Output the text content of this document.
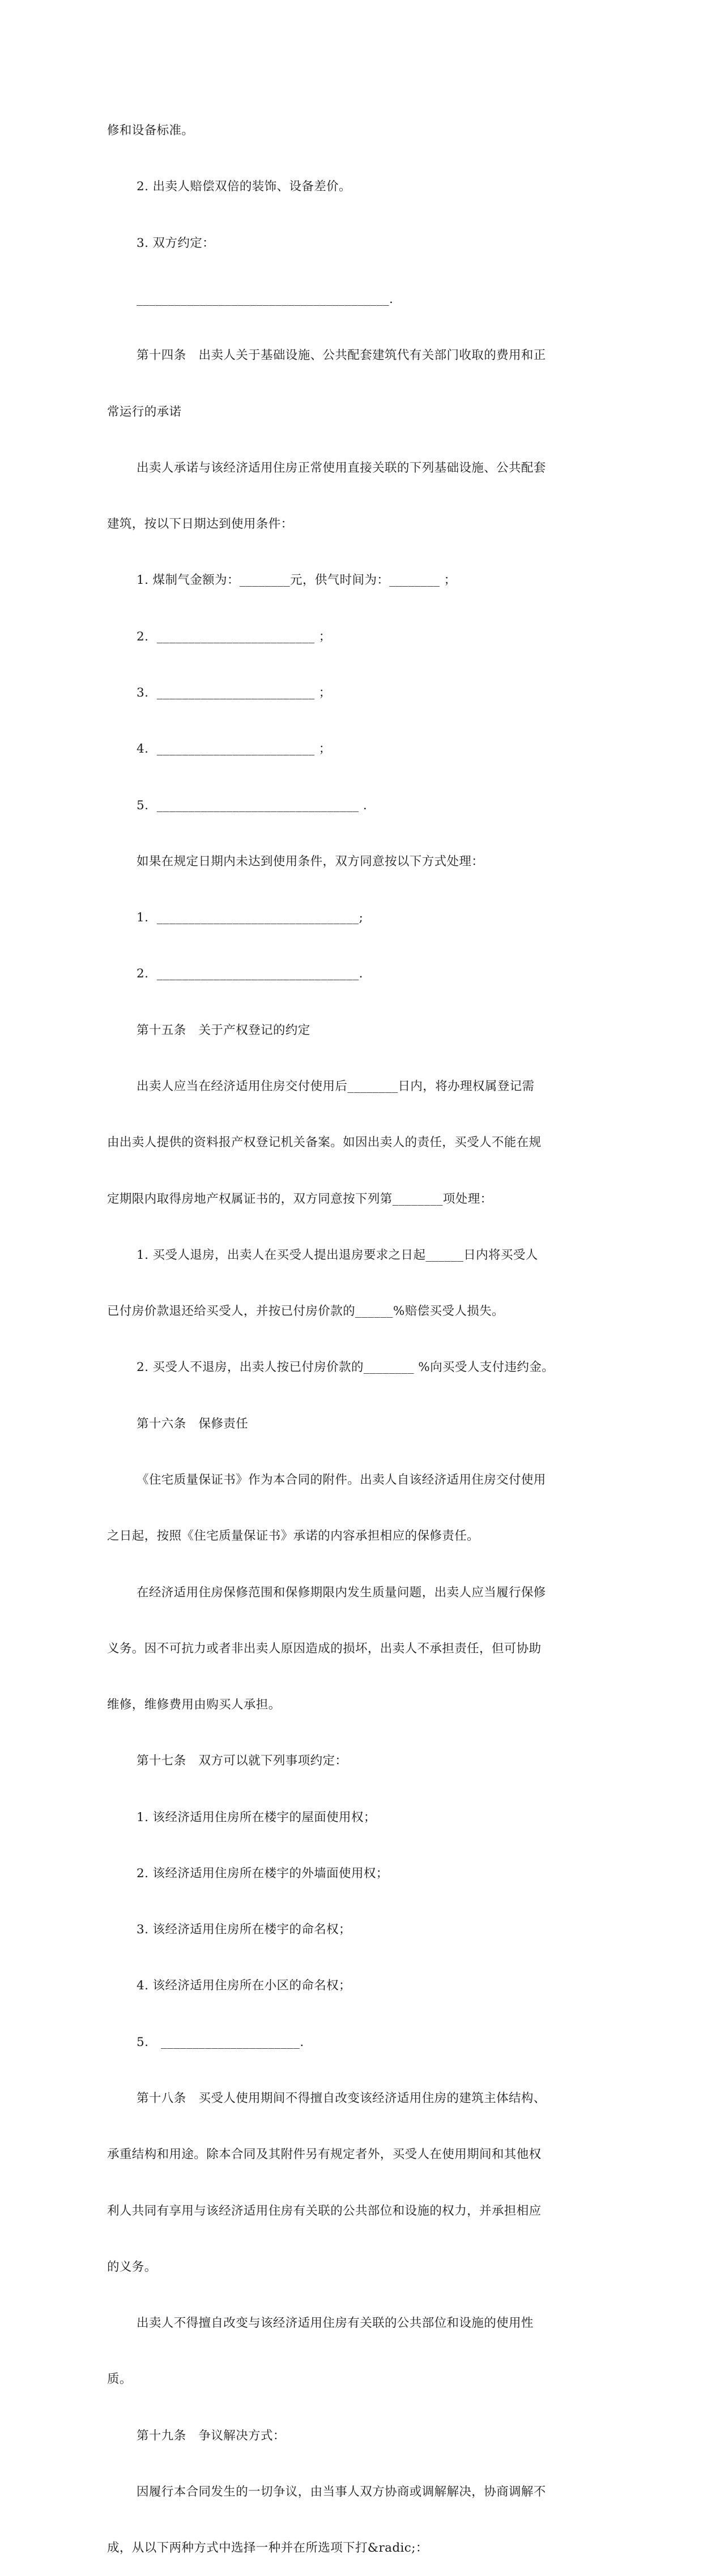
修和设备标准。

2. 出卖人赔偿双倍的装饰、设备差价。

3. 双方约定：

________________________________________.

第十四条　出卖人关于基础设施、公共配套建筑代有关部门收取的费用和正

常运行的承诺

出卖人承诺与该经济适用住房正常使用直接关联的下列基础设施、公共配套

建筑，按以下日期达到使用条件：

1. 煤制气金额为：________元，供气时间为：________ ；

2.  _________________________ ；

3.  _________________________ ；

4.  _________________________ ；

5.  ________________________________ .

如果在规定日期内未达到使用条件，双方同意按以下方式处理：

1.  ________________________________;

2.  ________________________________.

第十五条　关于产权登记的约定

出卖人应当在经济适用住房交付使用后________日内，将办理权属登记需

由出卖人提供的资料报产权登记机关备案。如因出卖人的责任，买受人不能在规

定期限内取得房地产权属证书的，双方同意按下列第________项处理：

1. 买受人退房，出卖人在买受人提出退房要求之日起______日内将买受人

已付房价款退还给买受人，并按已付房价款的______%赔偿买受人损失。

2. 买受人不退房，出卖人按已付房价款的________ %向买受人支付违约金。

第十六条　保修责任

《住宅质量保证书》作为本合同的附件。出卖人自该经济适用住房交付使用

之日起，按照《住宅质量保证书》承诺的内容承担相应的保修责任。

在经济适用住房保修范围和保修期限内发生质量问题，出卖人应当履行保修

义务。因不可抗力或者非出卖人原因造成的损坏，出卖人不承担责任，但可协助

维修，维修费用由购买人承担。

第十七条　双方可以就下列事项约定：

1. 该经济适用住房所在楼宇的屋面使用权；

2. 该经济适用住房所在楼宇的外墙面使用权；

3. 该经济适用住房所在楼宇的命名权；

4. 该经济适用住房所在小区的命名权；

5.   ______________________.

第十八条　买受人使用期间不得擅自改变该经济适用住房的建筑主体结构、

承重结构和用途。除本合同及其附件另有规定者外，买受人在使用期间和其他权

利人共同有享用与该经济适用住房有关联的公共部位和设施的权力，并承担相应

的义务。

出卖人不得擅自改变与该经济适用住房有关联的公共部位和设施的使用性

质。

第十九条　争议解决方式：

因履行本合同发生的一切争议，由当事人双方协商或调解解决，协商调解不

成，从以下两种方式中选择一种并在所选项下打&radic;：
